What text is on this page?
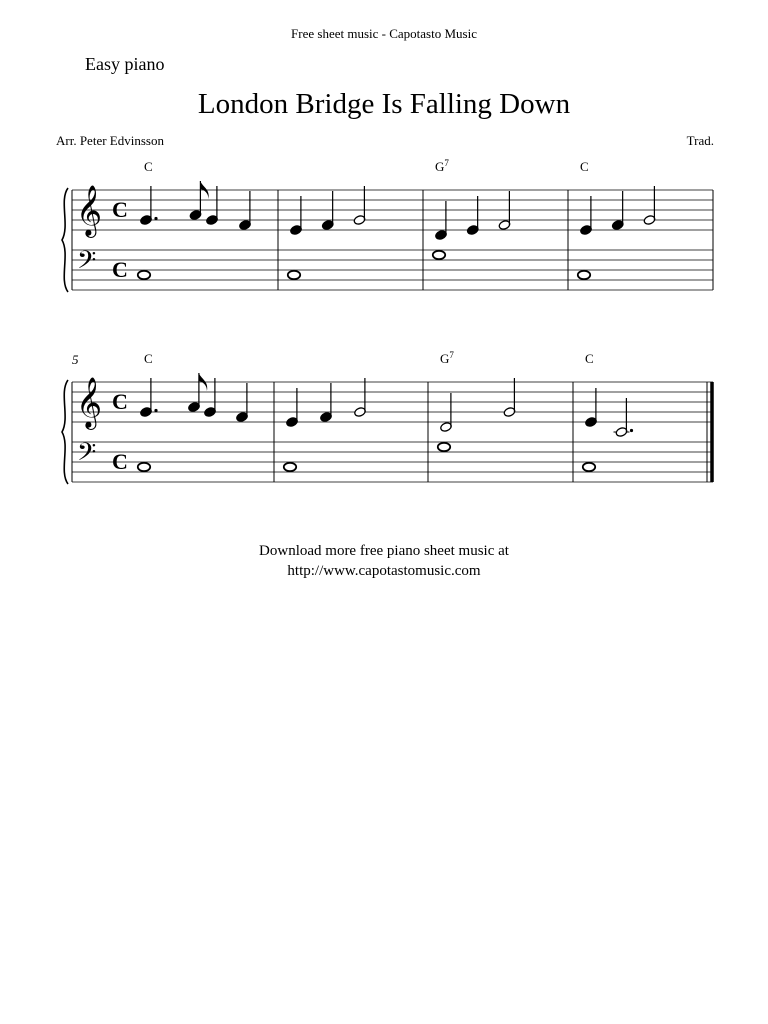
Free sheet music - Capotasto Music
Easy piano
London Bridge Is Falling Down
Arr. Peter Edvinsson	Trad.
𝄞
𝄢
C
C
C	$G^7$	C
𝄞
𝄢
C
C
5	C	$G^7$	C
Download more free piano sheet music at
http://www.capotastomusic.com
